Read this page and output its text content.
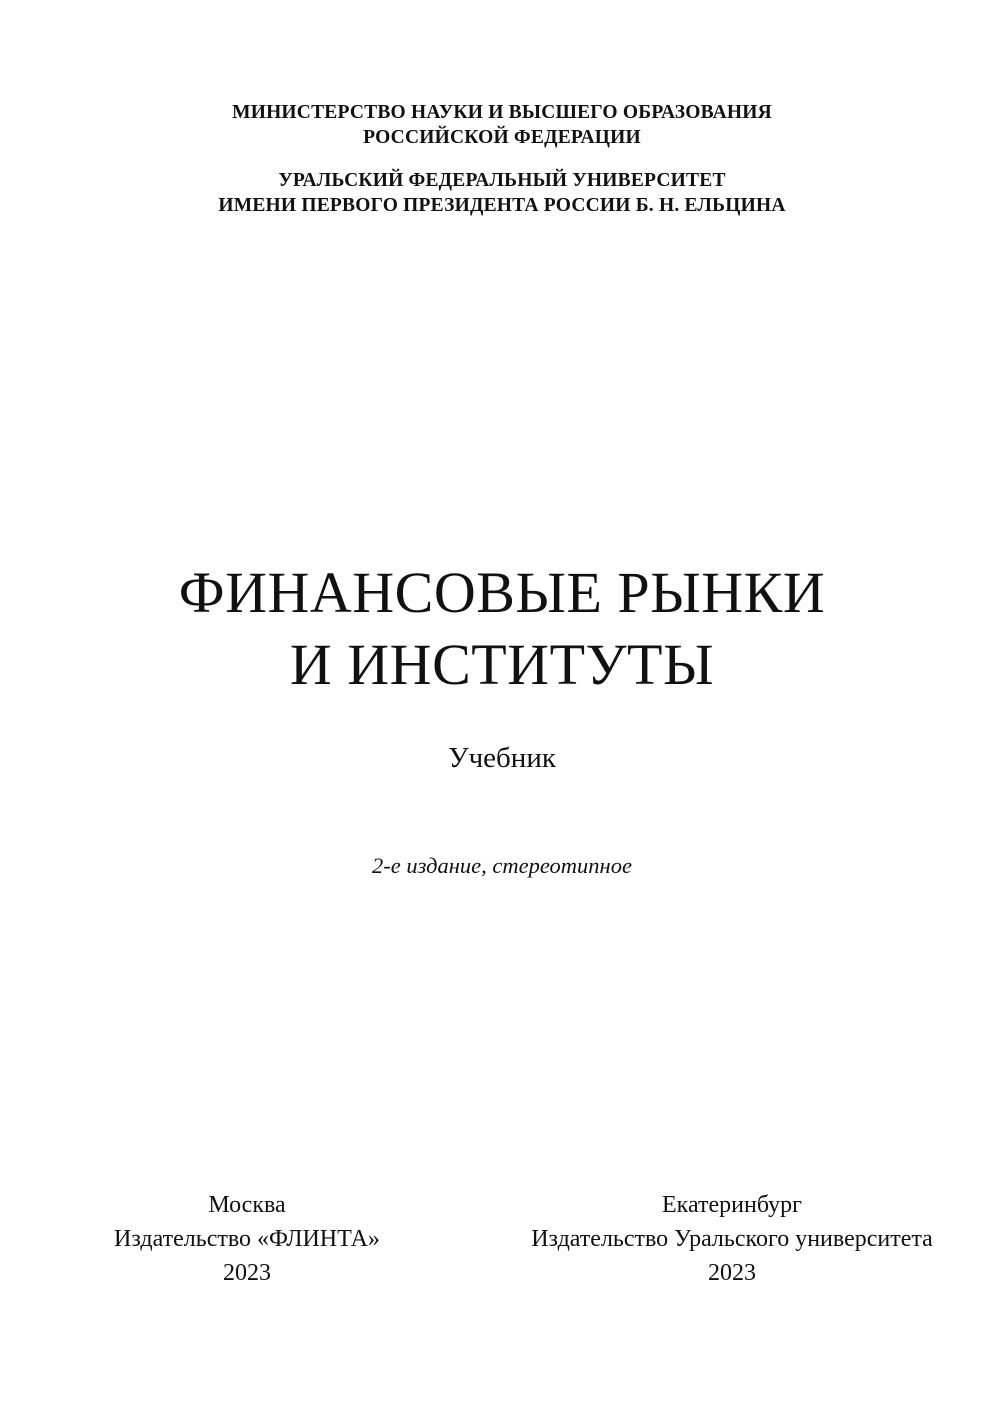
МИНИСТЕРСТВО НАУКИ И ВЫСШЕГО ОБРАЗОВАНИЯ
РОССИЙСКОЙ ФЕДЕРАЦИИ
УРАЛЬСКИЙ ФЕДЕРАЛЬНЫЙ УНИВЕРСИТЕТ
ИМЕНИ ПЕРВОГО ПРЕЗИДЕНТА РОССИИ Б. Н. ЕЛЬЦИНА
ФИНАНСОВЫЕ РЫНКИ
И ИНСТИТУТЫ
Учебник
2-е издание, стереотипное
Москва
Издательство «ФЛИНТА»
2023
Екатеринбург
Издательство Уральского университета
2023
